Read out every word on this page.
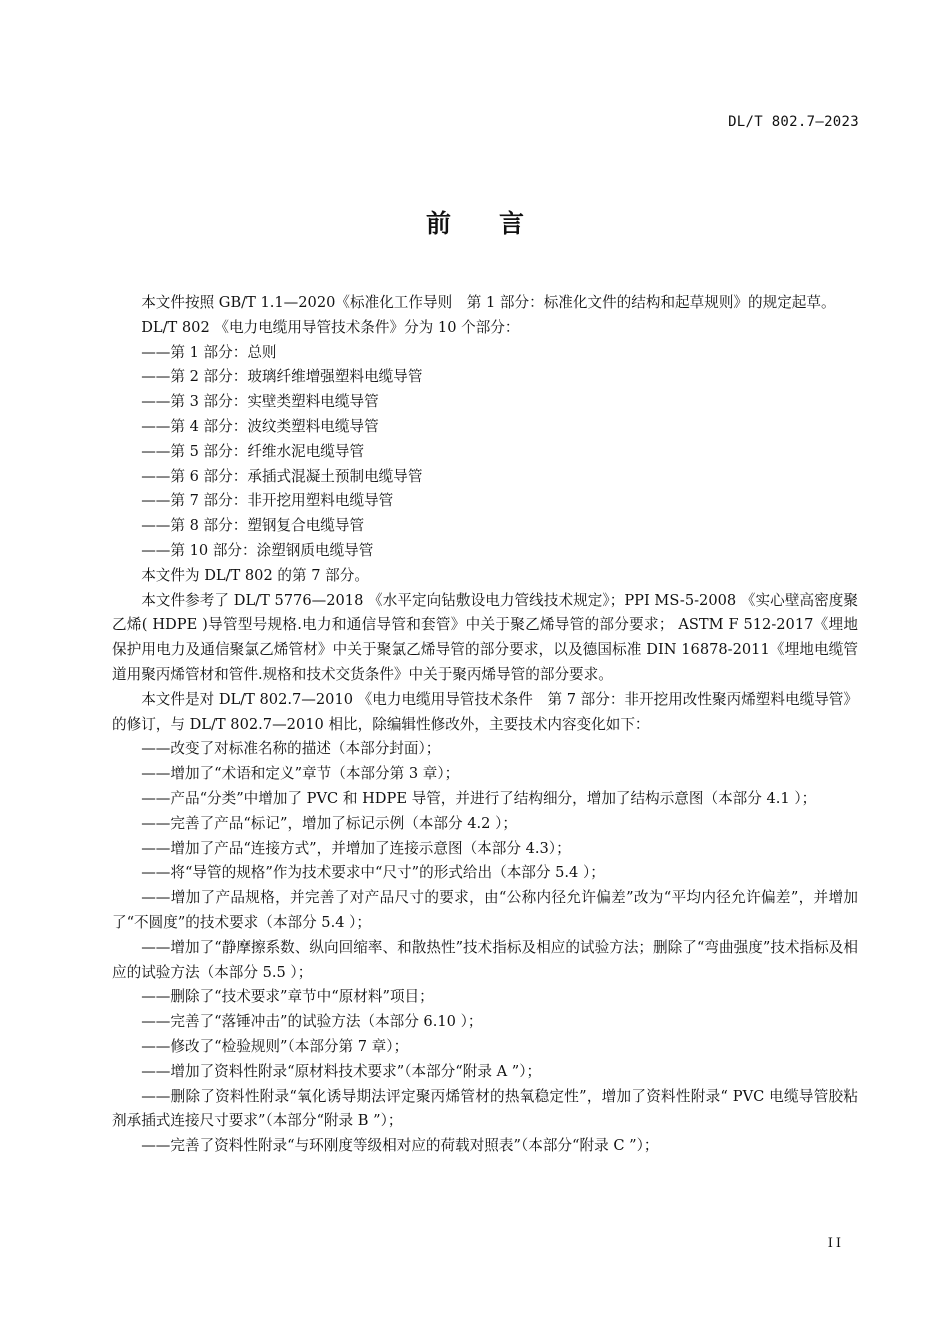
DL/T 802.7—2023
前 言

本文件按照 GB/T 1.1—2020《标准化工作导则　第 1 部分：标准化文件的结构和起草规则》的规定起草。

DL/T 802 《电力电缆用导管技术条件》分为 10 个部分：

——第 1 部分：总则

——第 2 部分：玻璃纤维增强塑料电缆导管

——第 3 部分：实壁类塑料电缆导管

——第 4 部分：波纹类塑料电缆导管

——第 5 部分：纤维水泥电缆导管

——第 6 部分：承插式混凝土预制电缆导管

——第 7 部分：非开挖用塑料电缆导管

——第 8 部分：塑钢复合电缆导管

——第 10 部分：涂塑钢质电缆导管

本文件为 DL/T 802 的第 7 部分。

本文件参考了 DL/T 5776—2018 《水平定向钻敷设电力管线技术规定》；PPI MS-5-2008 《实心壁高密度聚乙烯( HDPE )导管型号规格.电力和通信导管和套管》中关于聚乙烯导管的部分要求； ASTM F 512-2017《埋地保护用电力及通信聚氯乙烯管材》中关于聚氯乙烯导管的部分要求，以及德国标准 DIN 16878-2011《埋地电缆管道用聚丙烯管材和管件.规格和技术交货条件》中关于聚丙烯导管的部分要求。

本文件是对 DL/T 802.7—2010 《电力电缆用导管技术条件　第 7 部分：非开挖用改性聚丙烯塑料电缆导管》的修订，与 DL/T 802.7—2010 相比，除编辑性修改外，主要技术内容变化如下：

——改变了对标准名称的描述（本部分封面）；

——增加了“术语和定义”章节（本部分第 3 章）；

——产品“分类”中增加了 PVC 和 HDPE 导管，并进行了结构细分，增加了结构示意图（本部分 4.1 ）；

——完善了产品“标记”，增加了标记示例（本部分 4.2 ）；

——增加了产品“连接方式”，并增加了连接示意图（本部分 4.3）；

——将“导管的规格”作为技术要求中“尺寸”的形式给出（本部分 5.4 ）；

——增加了产品规格，并完善了对产品尺寸的要求，由“公称内径允许偏差”改为“平均内径允许偏差”，并增加了“不圆度”的技术要求（本部分 5.4 ）；

——增加了“静摩擦系数、纵向回缩率、和散热性”技术指标及相应的试验方法；删除了“弯曲强度”技术指标及相应的试验方法（本部分 5.5 ）；

——删除了“技术要求”章节中“原材料”项目；

——完善了“落锤冲击”的试验方法（本部分 6.10 ）；

——修改了“检验规则”（本部分第 7 章）；

——增加了资料性附录“原材料技术要求”（本部分“附录 A ”）；

——删除了资料性附录“氧化诱导期法评定聚丙烯管材的热氧稳定性”，增加了资料性附录“ PVC 电缆导管胶粘剂承插式连接尺寸要求”（本部分“附录 B ”）；

——完善了资料性附录“与环刚度等级相对应的荷载对照表”（本部分“附录 C ”）；

II
